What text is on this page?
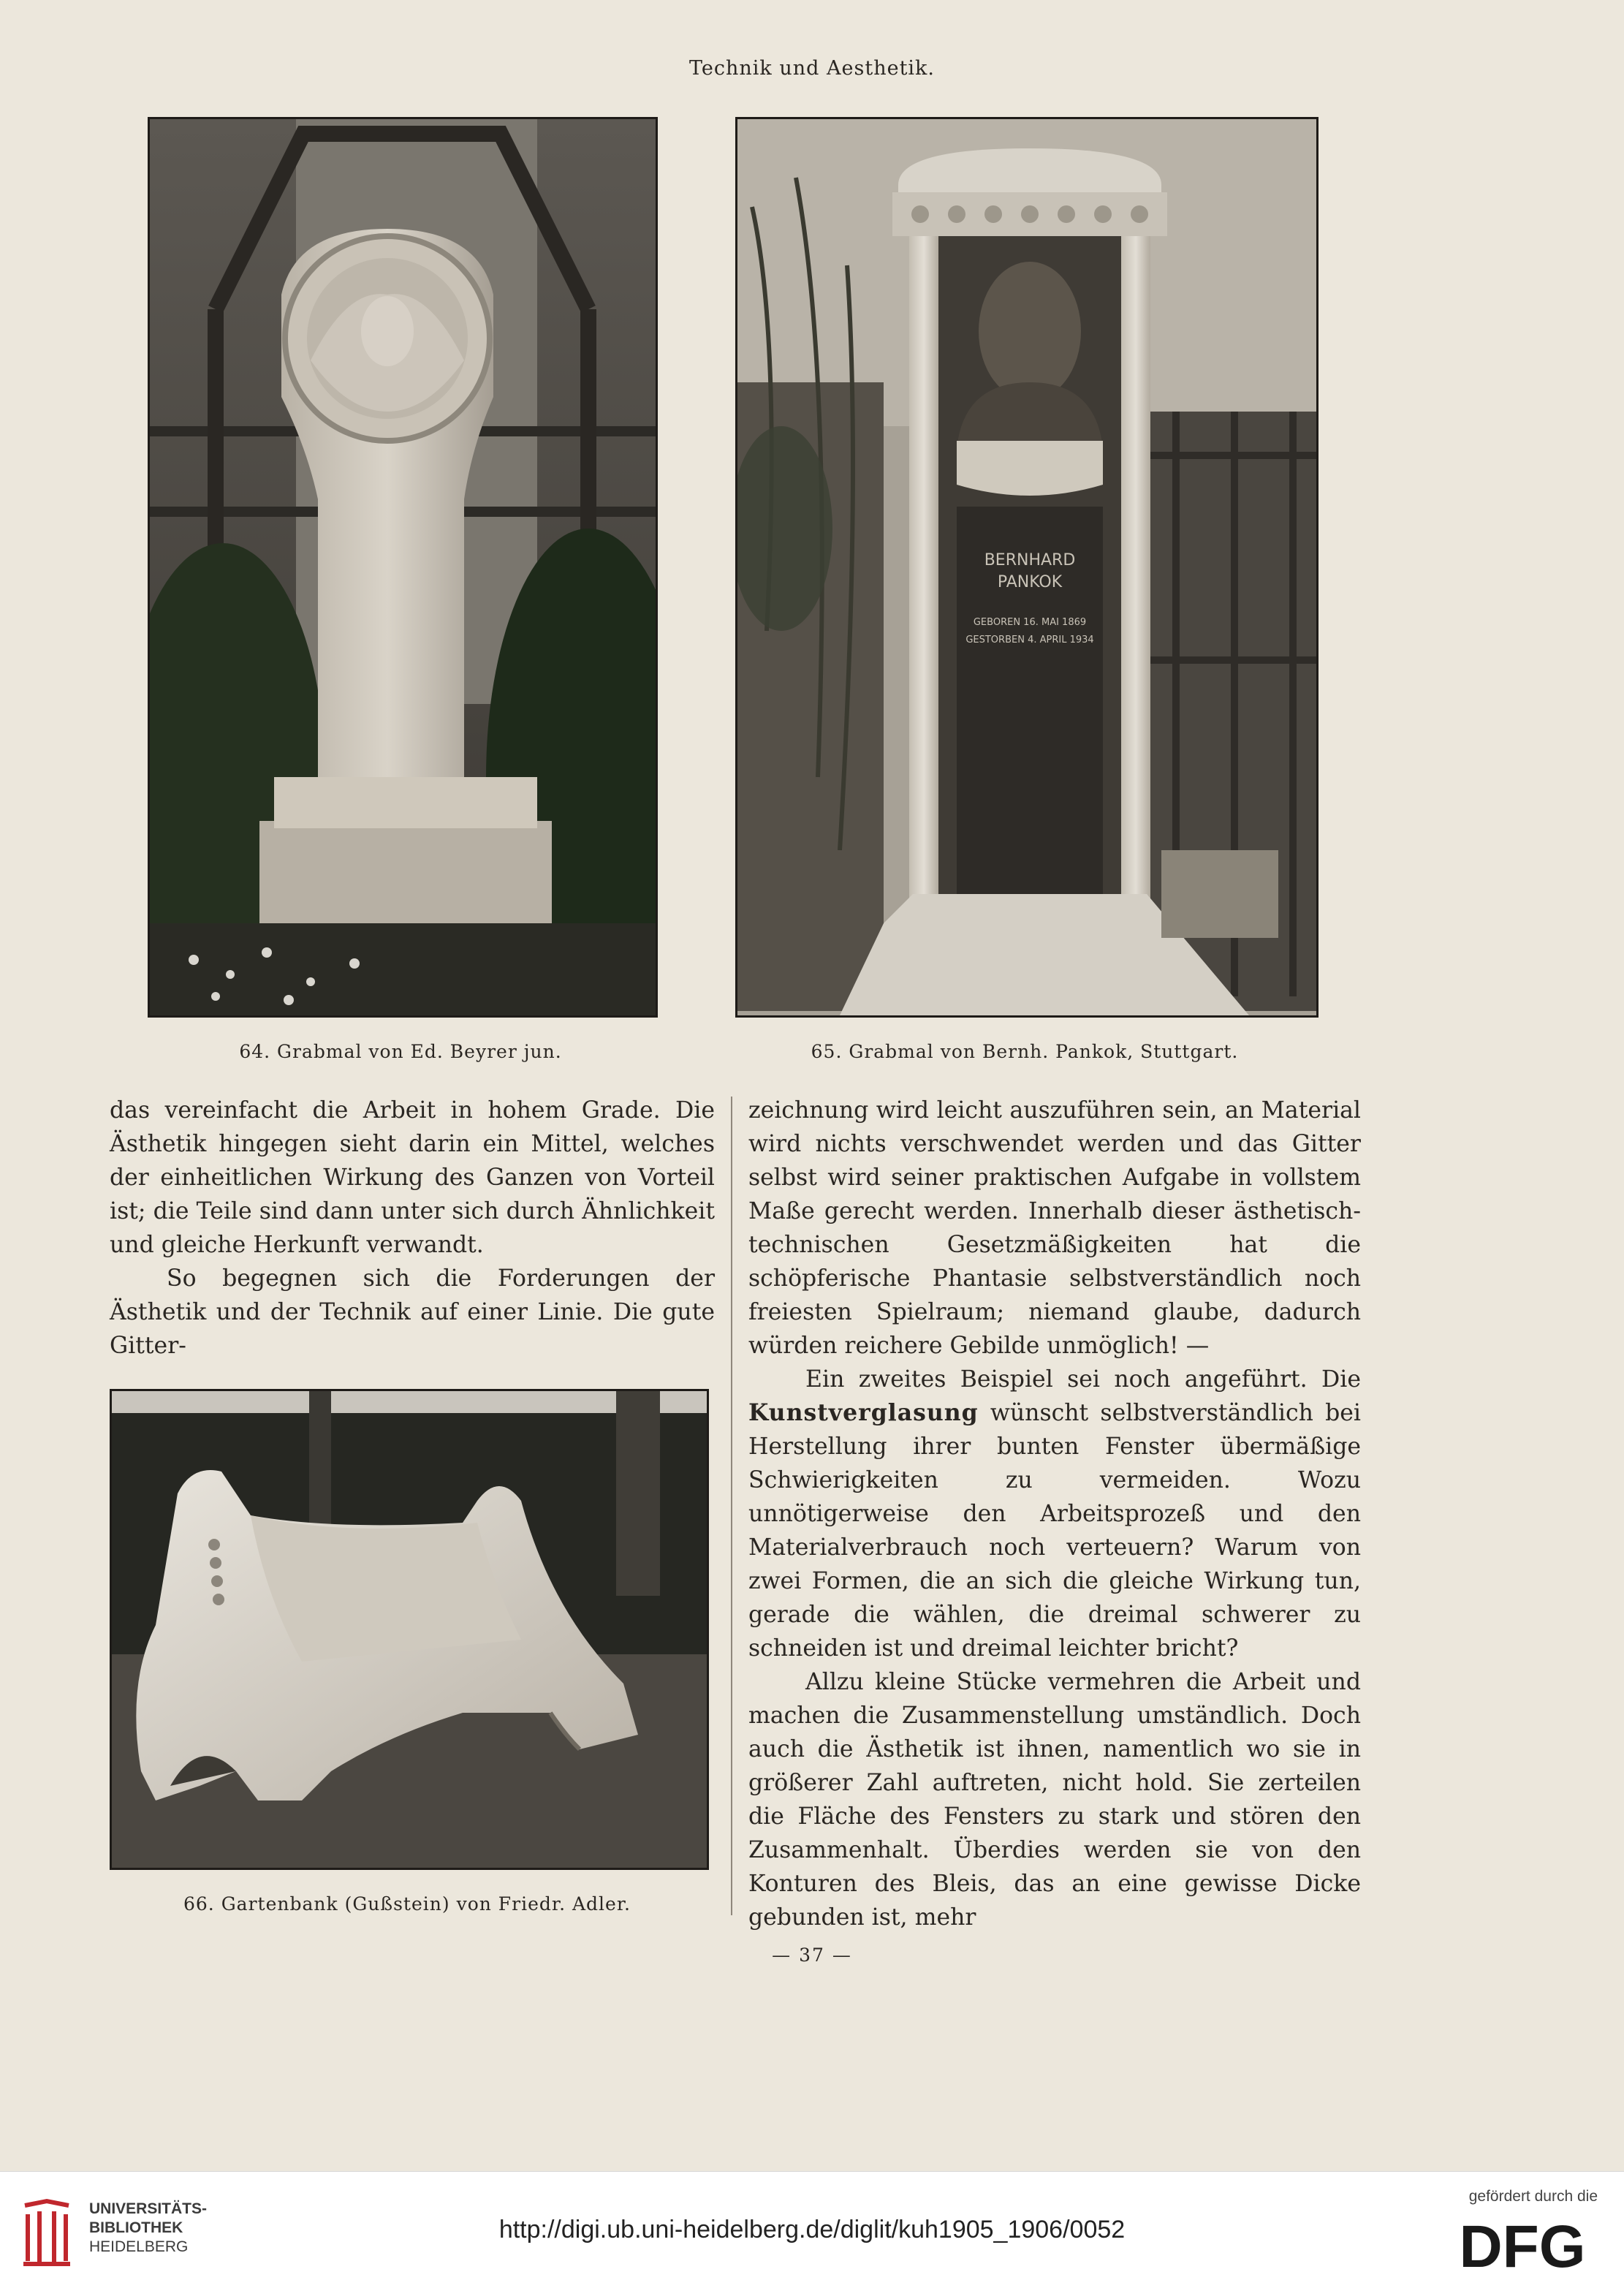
Technik und Aesthetik.
64. Grabmal von Ed. Beyrer jun.
BERNHARD
PANKOK
GEBOREN 16. MAI 1869
GESTORBEN 4. APRIL 1934
65. Grabmal von Bernh. Pankok, Stuttgart.

das vereinfacht die Arbeit in hohem Grade. Die Ästhetik hingegen sieht darin ein Mittel, welches der einheitlichen Wirkung des Ganzen von Vorteil ist; die Teile sind dann unter sich durch Ähnlichkeit und gleiche Herkunft verwandt.

So begegnen sich die Forderungen der Ästhetik und der Technik auf einer Linie. Die gute Gitter-

66. Gartenbank (Gußstein) von Friedr. Adler.

zeichnung wird leicht auszuführen sein, an Material wird nichts verschwendet werden und das Gitter selbst wird seiner praktischen Aufgabe in vollstem Maße gerecht werden. Innerhalb dieser ästhetisch-technischen Gesetzmäßigkeiten hat die schöpferische Phantasie selbstverständlich noch freiesten Spielraum; niemand glaube, dadurch würden reichere Gebilde unmöglich! —

Ein zweites Beispiel sei noch angeführt. Die Kunstverglasung wünscht selbstverständlich bei Herstellung ihrer bunten Fenster übermäßige Schwierigkeiten zu vermeiden. Wozu unnötigerweise den Arbeitsprozeß und den Materialverbrauch noch verteuern? Warum von zwei Formen, die an sich die gleiche Wirkung tun, gerade die wählen, die dreimal schwerer zu schneiden ist und dreimal leichter bricht?

Allzu kleine Stücke vermehren die Arbeit und machen die Zusammenstellung umständlich. Doch auch die Ästhetik ist ihnen, namentlich wo sie in größerer Zahl auftreten, nicht hold. Sie zerteilen die Fläche des Fensters zu stark und stören den Zusammenhalt. Überdies werden sie von den Konturen des Bleis, das an eine gewisse Dicke gebunden ist, mehr

— 37 —
UNIVERSITÄTS-
BIBLIOTHEK
HEIDELBERG
http://digi.ub.uni-heidelberg.de/diglit/kuh1905_1906/0052
gefördert durch die
DFG
